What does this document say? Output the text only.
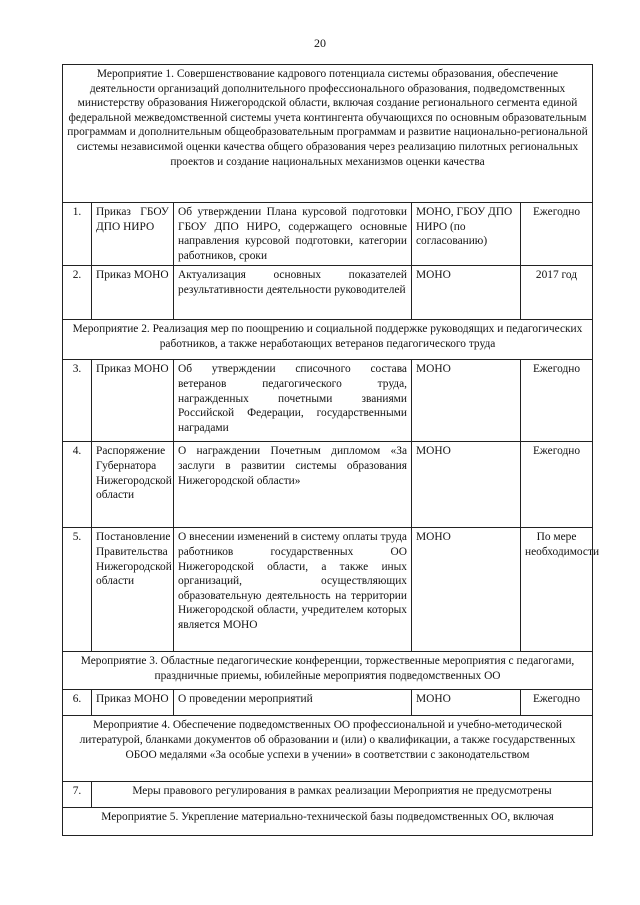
20
Мероприятие 1. Совершенствование кадрового потенциала системы образования, обеспечение деятельности организаций дополнительного профессионального образования, подведомственных министерству образования Нижегородской области, включая создание регионального сегмента единой федеральной межведомственной системы учета контингента обучающихся по основным образовательным программам и дополнительным общеобразовательным программам и развитие национально-региональной системы независимой оценки качества общего образования через реализацию пилотных региональных проектов и создание национальных механизмов оценки качества				
1.	Приказ ГБОУ ДПО НИРО	Об утверждении Плана курсовой подготовки ГБОУ ДПО НИРО, содержащего основные направления курсовой подготовки, категории работников, сроки	МОНО, ГБОУ ДПО НИРО (по согласованию)	Ежегодно
2.	Приказ МОНО	Актуализация основных показателей результативности деятельности руководителей	МОНО	2017 год
Мероприятие 2. Реализация мер по поощрению и социальной поддержке руководящих и педагогических работников, а также неработающих ветеранов педагогического труда				
3.	Приказ МОНО	Об утверждении списочного состава ветеранов педагогического труда, награжденных почетными званиями Российской Федерации, государственными наградами	МОНО	Ежегодно
4.	Распоряжение Губернатора Нижегородской области	О награждении Почетным дипломом «За заслуги в развитии системы образования Нижегородской области»	МОНО	Ежегодно
5.	Постановление Правительства Нижегородской области	О внесении изменений в систему оплаты труда работников государственных ОО Нижегородской области, а также иных организаций, осуществляющих образовательную деятельность на территории Нижегородской области, учредителем которых является МОНО	МОНО	По мере необходимости
Мероприятие 3. Областные педагогические конференции, торжественные мероприятия с педагогами, праздничные приемы, юбилейные мероприятия подведомственных ОО				
6.	Приказ МОНО	О проведении мероприятий	МОНО	Ежегодно
Мероприятие 4. Обеспечение подведомственных ОО профессиональной и учебно-методической литературой, бланками документов об образовании и (или) о квалификации, а также государственных ОБОО медалями «За особые успехи в учении» в соответствии с законодательством				
7.	Меры правового регулирования в рамках реализации Мероприятия не предусмотрены			
Мероприятие 5. Укрепление материально-технической базы подведомственных ОО, включая				
